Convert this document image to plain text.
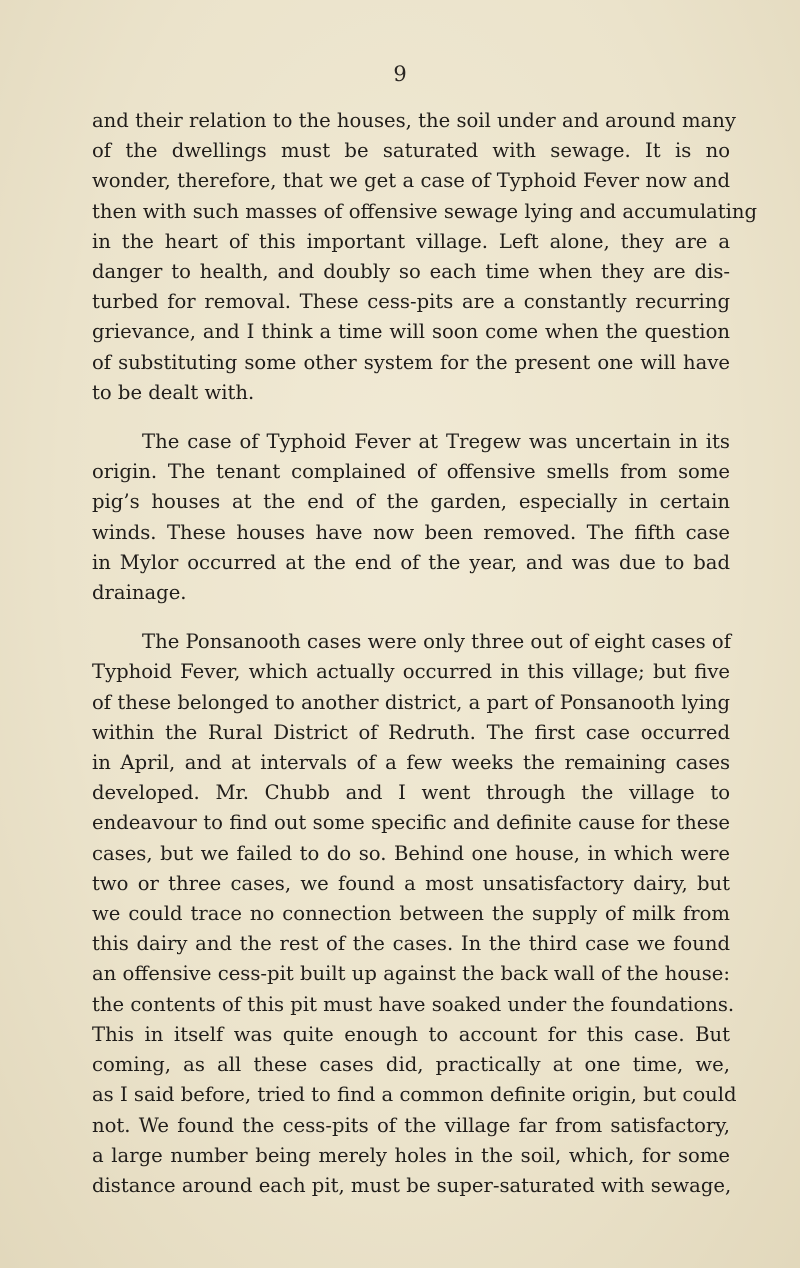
9
and their relation to the houses, the soil under and around many
of the dwellings must be saturated with sewage. It is no
wonder, therefore, that we get a case of Typhoid Fever now and
then with such masses of offensive sewage lying and accumulating
in the heart of this important village. Left alone, they are a
danger to health, and doubly so each time when they are dis-
turbed for removal. These cess-pits are a constantly recurring
grievance, and I think a time will soon come when the question
of substituting some other system for the present one will have
to be dealt with.
The case of Typhoid Fever at Tregew was uncertain in its
origin. The tenant complained of offensive smells from some
pig’s houses at the end of the garden, especially in certain
winds. These houses have now been removed. The fifth case
in Mylor occurred at the end of the year, and was due to bad
drainage.
The Ponsanooth cases were only three out of eight cases of
Typhoid Fever, which actually occurred in this village; but five
of these belonged to another district, a part of Ponsanooth lying
within the Rural District of Redruth. The first case occurred
in April, and at intervals of a few weeks the remaining cases
developed. Mr. Chubb and I went through the village to
endeavour to find out some specific and definite cause for these
cases, but we failed to do so. Behind one house, in which were
two or three cases, we found a most unsatisfactory dairy, but
we could trace no connection between the supply of milk from
this dairy and the rest of the cases. In the third case we found
an offensive cess-pit built up against the back wall of the house:
the contents of this pit must have soaked under the foundations.
This in itself was quite enough to account for this case. But
coming, as all these cases did, practically at one time, we,
as I said before, tried to find a common definite origin, but could
not. We found the cess-pits of the village far from satisfactory,
a large number being merely holes in the soil, which, for some
distance around each pit, must be super-saturated with sewage,
